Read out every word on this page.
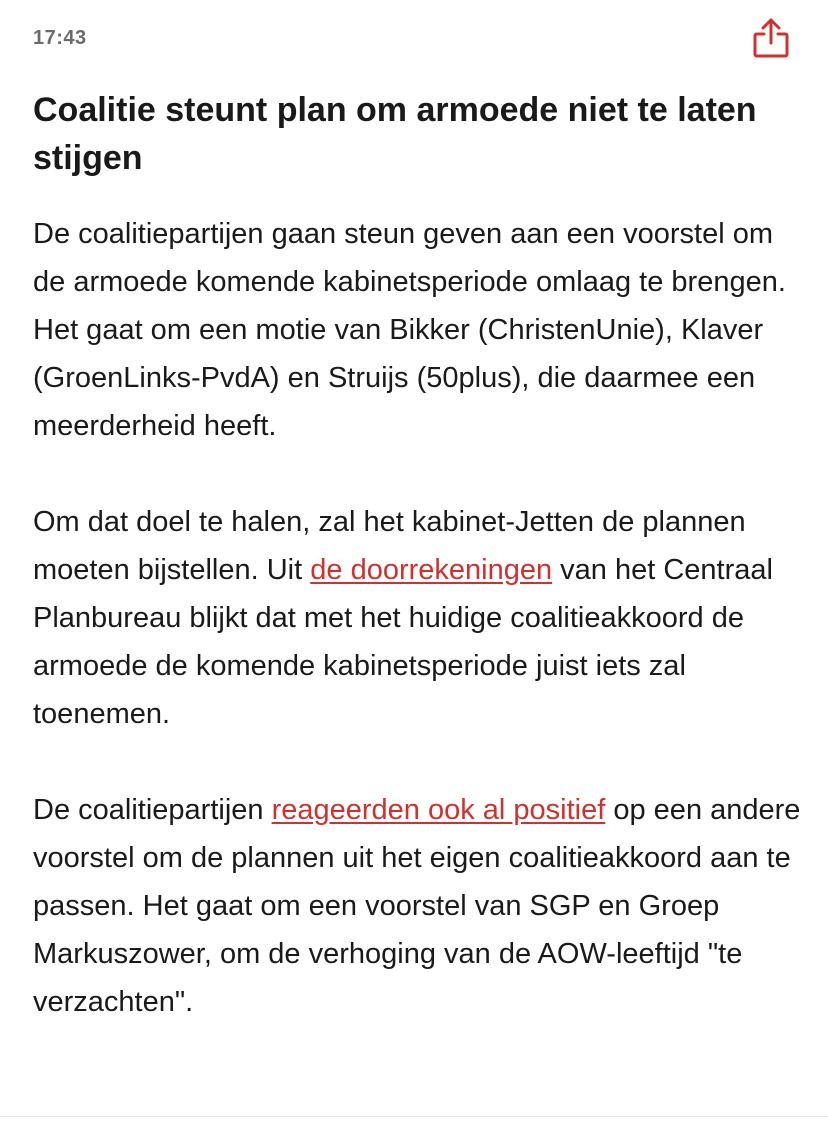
17:43
Coalitie steunt plan om armoede niet te laten stijgen

De coalitiepartijen gaan steun geven aan een voorstel om de armoede komende kabinetsperiode omlaag te brengen. Het gaat om een motie van Bikker (ChristenUnie), Klaver (GroenLinks-PvdA) en Struijs (50plus), die daarmee een meerderheid heeft.

Om dat doel te halen, zal het kabinet-Jetten de plannen moeten bijstellen. Uit de doorrekeningen van het Centraal Planbureau blijkt dat met het huidige coalitieakkoord de armoede de komende kabinetsperiode juist iets zal toenemen.

De coalitiepartijen reageerden ook al positief op een andere voorstel om de plannen uit het eigen coalitieakkoord aan te passen. Het gaat om een voorstel van SGP en Groep Markuszower, om de verhoging van de AOW-leeftijd "te verzachten".
